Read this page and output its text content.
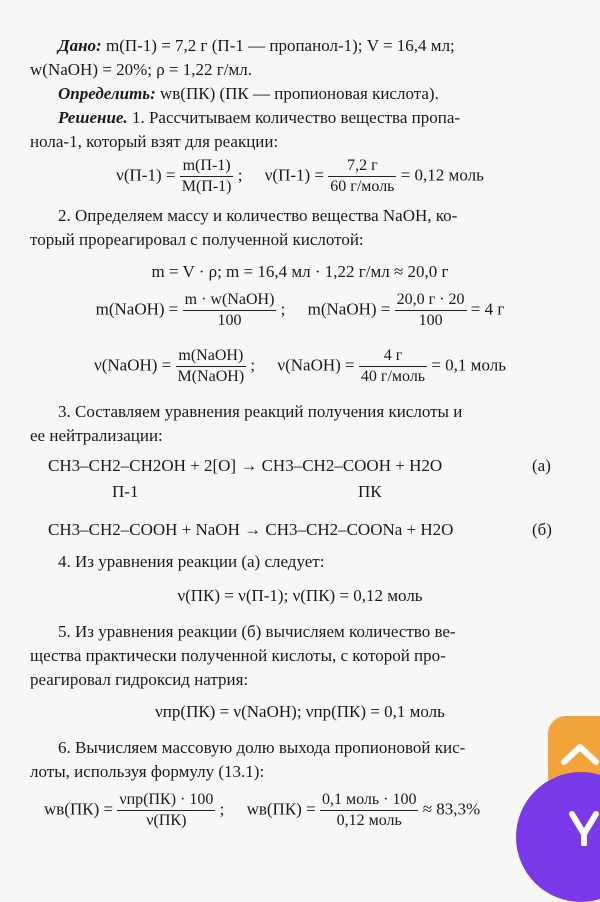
Дано: m(П-1) = 7,2 г (П-1 — пропанол-1); V = 16,4 мл;
w(NaOH) = 20%; ρ = 1,22 г/мл.
Определить: wв(ПК) (ПК — пропионовая кислота).
Решение. 1. Рассчитываем количество вещества пропа-
нола-1, который взят для реакции:
$\nu(П-1) = \frac{m(П-1)}{M(П-1)}$ ; $\nu(П-1) = \frac{7,2 г}{\text{60 г/моль}} = 0,12$ моль
2. Определяем массу и количество вещества NaOH, ко-
торый прореагировал с полученной кислотой:
m = V · ρ; m = 16,4 мл · 1,22 г/мл ≈ 20,0 г
m(NaOH) = $\frac{\text{m · w(NaOH)}}{100}$ ; m(NaOH) = $\frac{20,0 г \cdot 20}{100} = 4$ г
ν(NaOH) = $\frac{\text{m(NaOH)}}{\text{M(NaOH)}}$ ; ν(NaOH) = $\frac{4 г}{\text{40 г/моль}} = 0,1$ моль
3. Составляем уравнения реакций получения кислоты и
ее нейтрализации:
CH3–CH2–CH2OH + 2[O] → CH3–CH2–COOH + H2O	(а)
П-1	ПК
CH3–CH2–COOH + NaOH → CH3–CH2–COONa + H2O	(б)
4. Из уравнения реакции (а) следует:
ν(ПК) = ν(П-1); ν(ПК) = 0,12 моль
5. Из уравнения реакции (б) вычисляем количество ве-
щества практически полученной кислоты, с которой про-
реагировал гидроксид натрия:
νпр(ПК) = ν(NaOH); νпр(ПК) = 0,1 моль
6. Вычисляем массовую долю выхода пропионовой кис-
лоты, используя формулу (13.1):
$wв(ПК) = \frac{\text{νпр(ПК) · 100}}{\nu(ПК)}$ ; $wв(ПК) = \frac{\text{0,1 моль · 100}}{\text{0,12 моль}} \approx 83,3\%$
